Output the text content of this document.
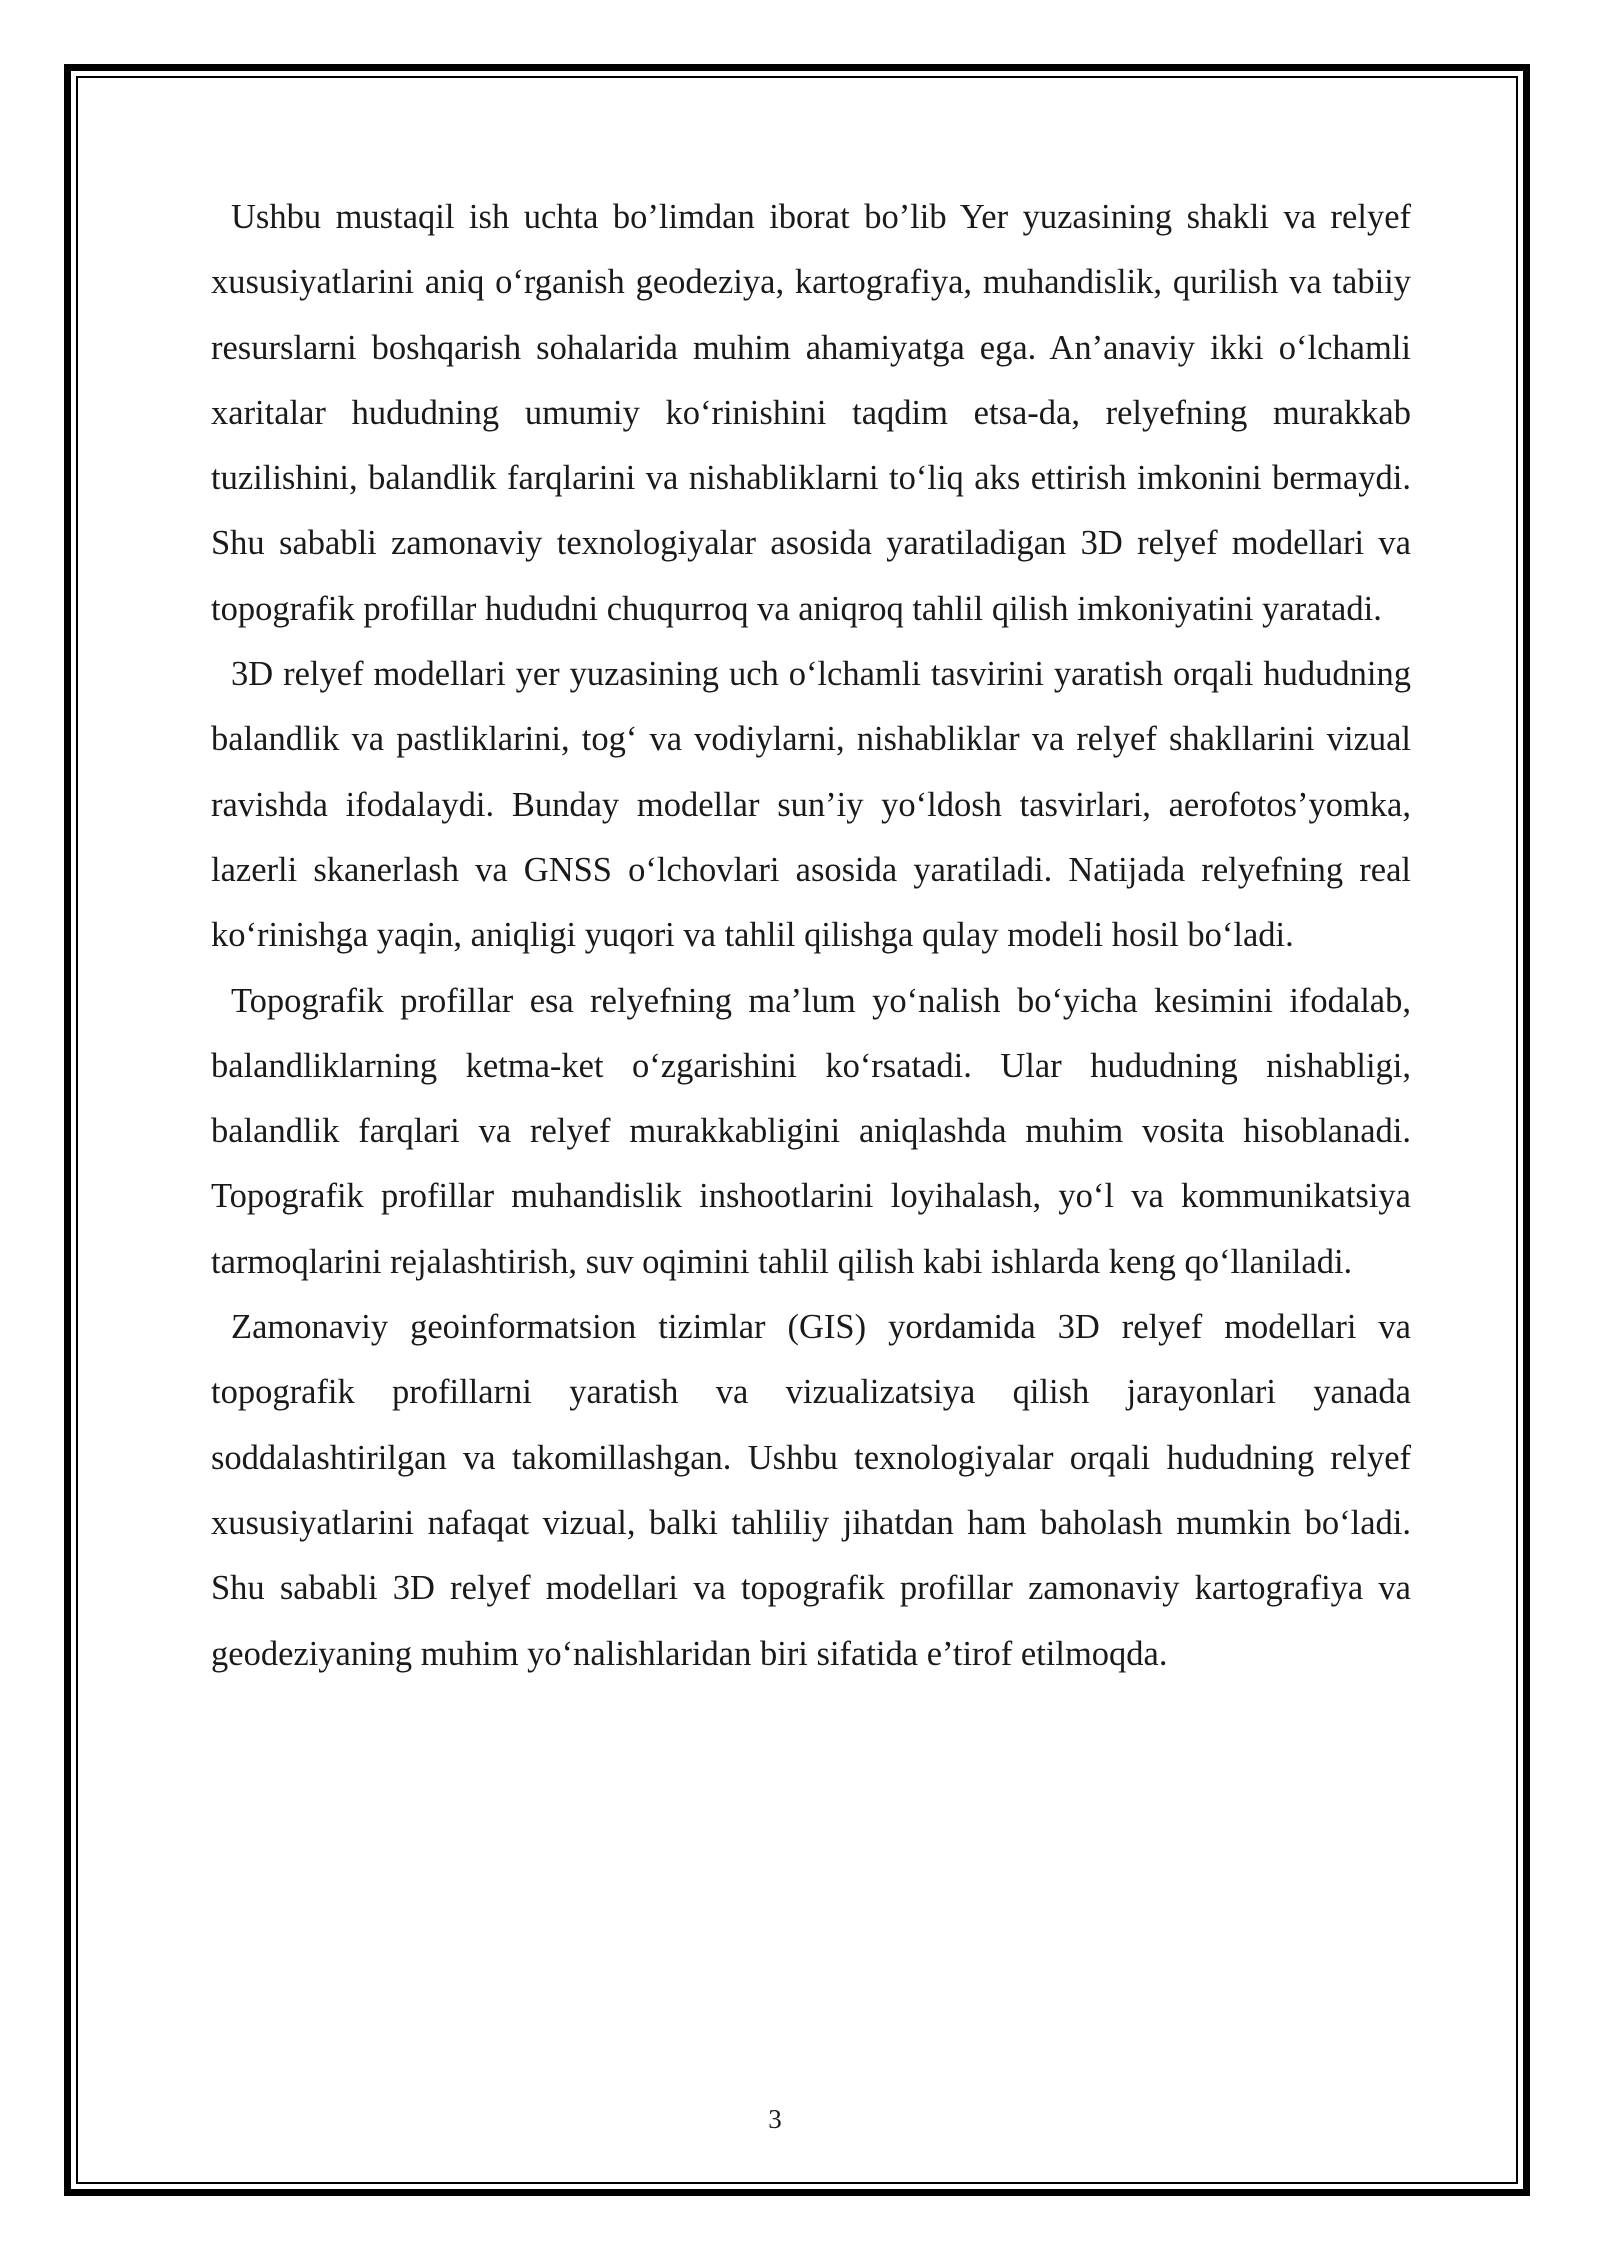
Ushbu mustaqil ish uchta bo’limdan iborat bo’lib Yer yuzasining shakli va relyef xususiyatlarini aniq o‘rganish geodeziya, kartografiya, muhandislik, qurilish va tabiiy resurslarni boshqarish sohalarida muhim ahamiyatga ega. An’anaviy ikki o‘lchamli xaritalar hududning umumiy ko‘rinishini taqdim etsa-da, relyefning murakkab tuzilishini, balandlik farqlarini va nishabliklarni to‘liq aks ettirish imkonini bermaydi. Shu sababli zamonaviy texnologiyalar asosida yaratiladigan 3D relyef modellari va topografik profillar hududni chuqurroq va aniqroq tahlil qilish imkoniyatini yaratadi.

3D relyef modellari yer yuzasining uch o‘lchamli tasvirini yaratish orqali hududning balandlik va pastliklarini, tog‘ va vodiylarni, nishabliklar va relyef shakllarini vizual ravishda ifodalaydi. Bunday modellar sun’iy yo‘ldosh tasvirlari, aerofotos’yomka, lazerli skanerlash va GNSS o‘lchovlari asosida yaratiladi. Natijada relyefning real ko‘rinishga yaqin, aniqligi yuqori va tahlil qilishga qulay modeli hosil bo‘ladi.

Topografik profillar esa relyefning ma’lum yo‘nalish bo‘yicha kesimini ifodalab, balandliklarning ketma-ket o‘zgarishini ko‘rsatadi. Ular hududning nishabligi, balandlik farqlari va relyef murakkabligini aniqlashda muhim vosita hisoblanadi. Topografik profillar muhandislik inshootlarini loyihalash, yo‘l va kommunikatsiya tarmoqlarini rejalashtirish, suv oqimini tahlil qilish kabi ishlarda keng qo‘llaniladi.

Zamonaviy geoinformatsion tizimlar (GIS) yordamida 3D relyef modellari va topografik profillarni yaratish va vizualizatsiya qilish jarayonlari yanada soddalashtirilgan va takomillashgan. Ushbu texnologiyalar orqali hududning relyef xususiyatlarini nafaqat vizual, balki tahliliy jihatdan ham baholash mumkin bo‘ladi. Shu sababli 3D relyef modellari va topografik profillar zamonaviy kartografiya va geodeziyaning muhim yo‘nalishlaridan biri sifatida e’tirof etilmoqda.

3
